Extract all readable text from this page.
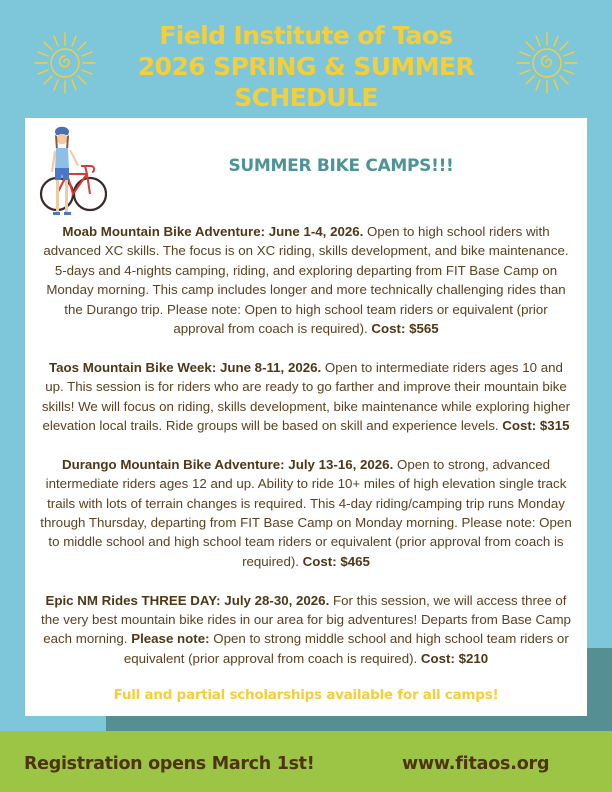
Field Institute of Taos
2026 SPRING & SUMMER
SCHEDULE
SUMMER BIKE CAMPS!!!

Moab Mountain Bike Adventure: June 1-4, 2026. Open to high school riders with advanced XC skills. The focus is on XC riding, skills development, and bike maintenance. 5-days and 4-nights camping, riding, and exploring departing from FIT Base Camp on Monday morning. This camp includes longer and more technically challenging rides than the Durango trip. Please note: Open to high school team riders or equivalent (prior approval from coach is required). Cost: $565

Taos Mountain Bike Week: June 8-11, 2026. Open to intermediate riders ages 10 and up. This session is for riders who are ready to go farther and improve their mountain bike skills! We will focus on riding, skills development, bike maintenance while exploring higher elevation local trails. Ride groups will be based on skill and experience levels. Cost: $315

Durango Mountain Bike Adventure: July 13-16, 2026. Open to strong, advanced intermediate riders ages 12 and up. Ability to ride 10+ miles of high elevation single track trails with lots of terrain changes is required. This 4-day riding/camping trip runs Monday through Thursday, departing from FIT Base Camp on Monday morning. Please note: Open to middle school and high school team riders or equivalent (prior approval from coach is required). Cost: $465

Epic NM Rides THREE DAY: July 28-30, 2026. For this session, we will access three of the very best mountain bike rides in our area for big adventures! Departs from Base Camp each morning. Please note: Open to strong middle school and high school team riders or equivalent (prior approval from coach is required). Cost: $210

Full and partial scholarships available for all camps!
Registration opens March 1st!	www.fitaos.org
